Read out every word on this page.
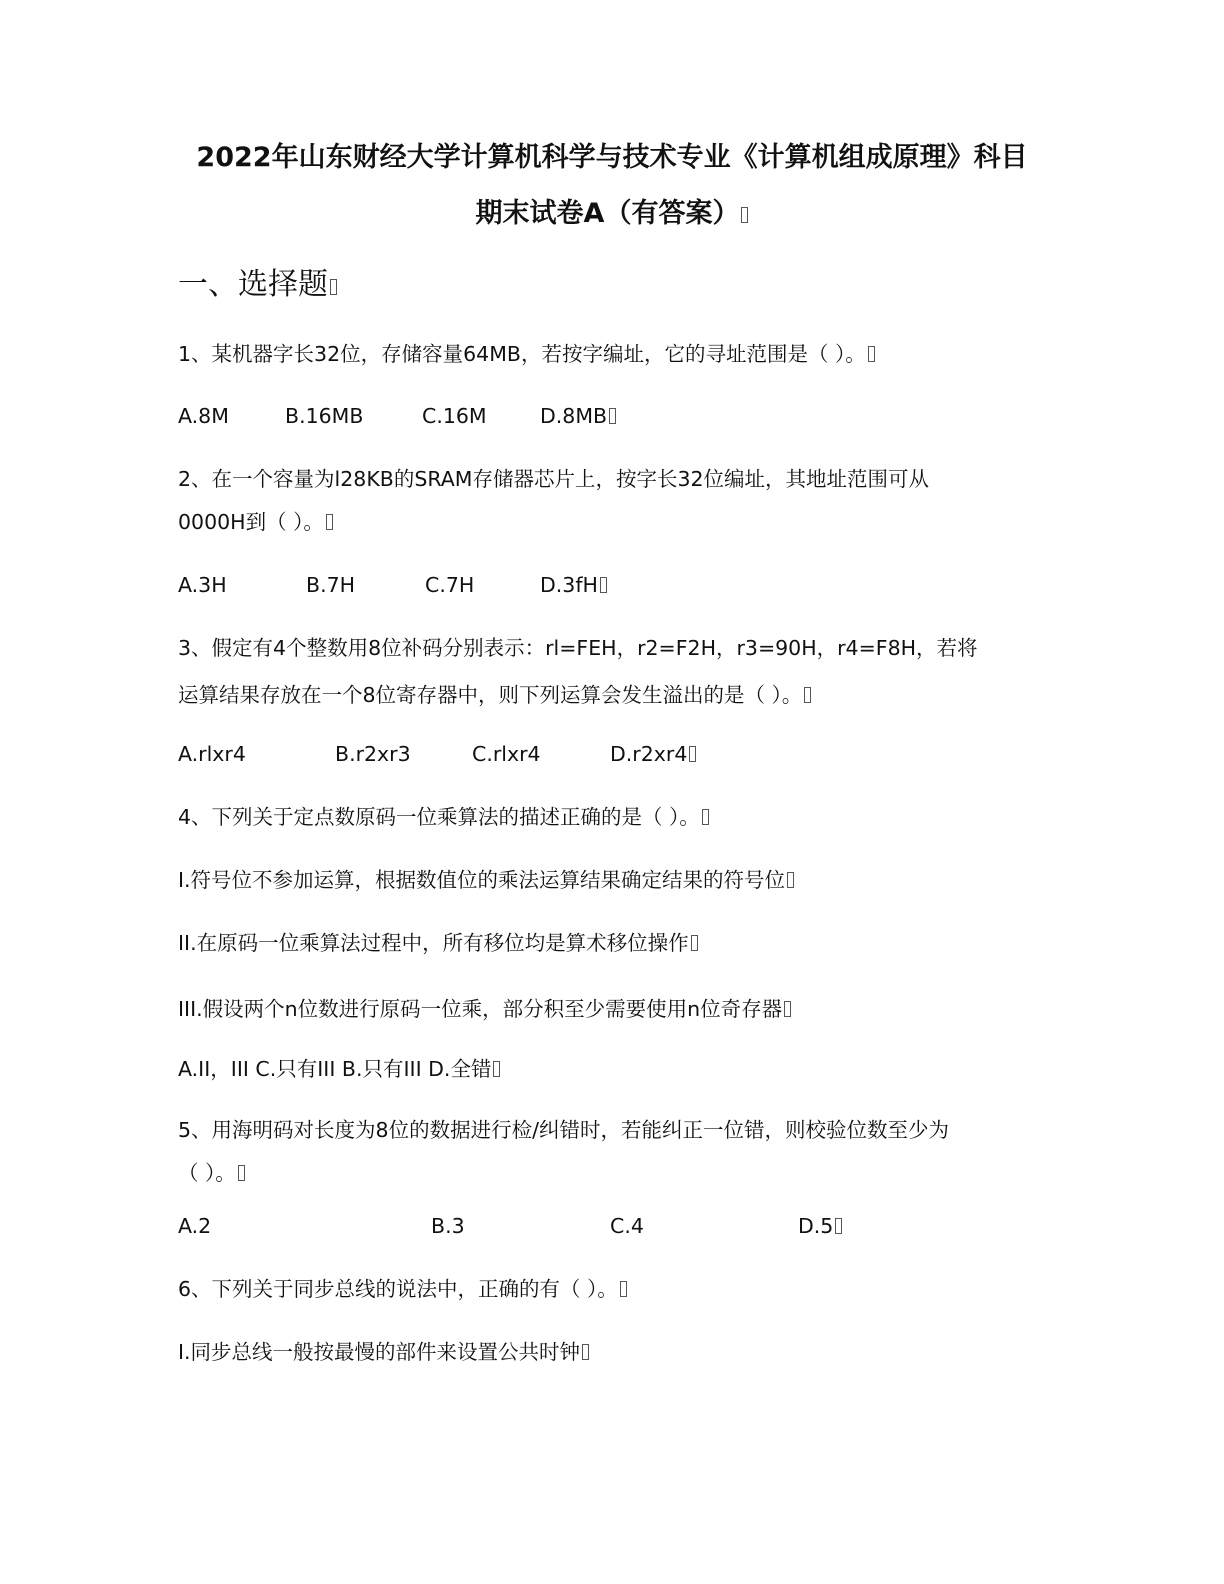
2022年山东财经大学计算机科学与技术专业《计算机组成原理》科目
期末试卷A（有答案）
一、选择题
1、某机器字长32位，存储容量64MB，若按字编址，它的寻址范围是（ ）。
A.8M	B.16MB	C.16M	D.8MB
2、在一个容量为l28KB的SRAM存储器芯片上，按字长32位编址，其地址范围可从
0000H到（ ）。
A.3H	B.7H	C.7H	D.3fH
3、假定有4个整数用8位补码分别表示：rl=FEH，r2=F2H，r3=90H，r4=F8H，若将
运算结果存放在一个8位寄存器中，则下列运算会发生溢出的是（ ）。
A.rlxr4	B.r2xr3	C.rlxr4	D.r2xr4
4、下列关于定点数原码一位乘算法的描述正确的是（ ）。
I.符号位不参加运算，根据数值位的乘法运算结果确定结果的符号位
II.在原码一位乘算法过程中，所有移位均是算术移位操作
III.假设两个n位数进行原码一位乘，部分积至少需要使用n位奇存器
A.II，III C.只有III B.只有III D.全错
5、用海明码对长度为8位的数据进行检/纠错时，若能纠正一位错，则校验位数至少为
（ ）。
A.2	B.3	C.4	D.5
6、下列关于同步总线的说法中，正确的有（ ）。
I.同步总线一般按最慢的部件来设置公共时钟
